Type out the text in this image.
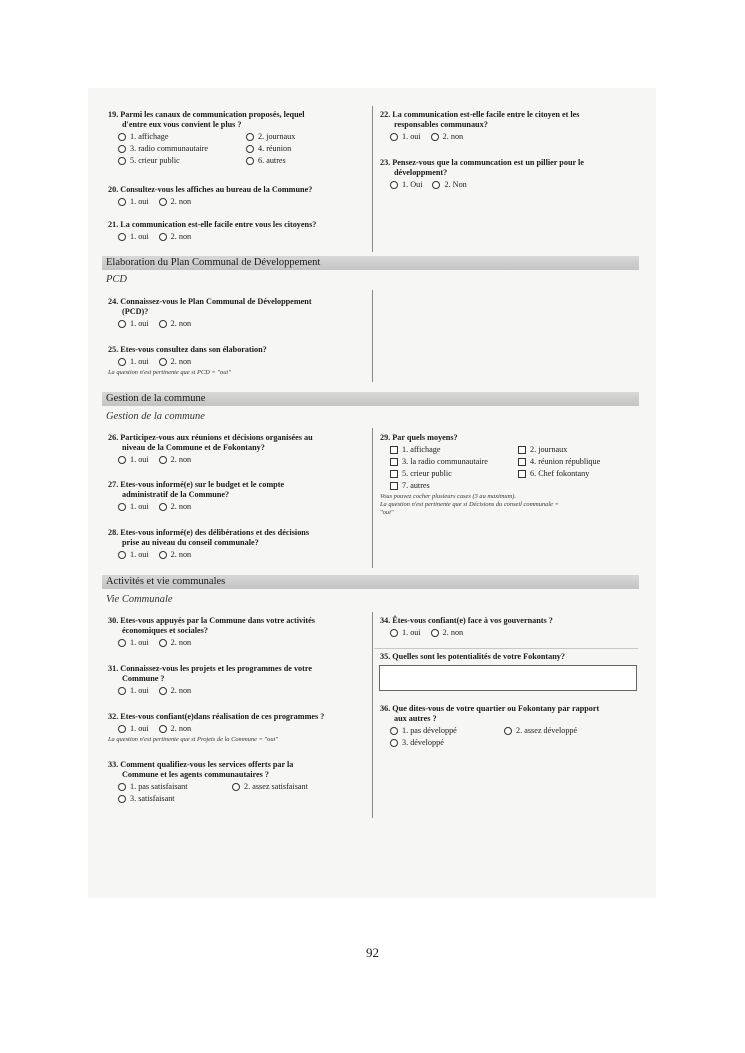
19. Parmi les canaux de communication proposés, lequel
d'entre eux vous convient le plus ?
1. affichage	2. journaux
3. radio communautaire	4. réunion
5. crieur public	6. autres
20. Consultez-vous les affiches au bureau de la Commune?
1. oui	2. non
21. La communication est-elle facile entre vous les citoyens?
1. oui	2. non
22. La communication est-elle facile entre le citoyen et les
responsables communaux?
1. oui	2. non
23. Pensez-vous que la communcation est un pillier pour le
développment?
1. Oui	2. Non
Elaboration du Plan Communal de Développement
PCD
24. Connaissez-vous le Plan Communal de Développement
(PCD)?
1. oui	2. non
25. Etes-vous consultez dans son élaboration?
1. oui	2. non
La question n'est pertinente que si PCD = "oui"
Gestion de la commune
Gestion de la commune
26. Participez-vous aux réunions et décisions organisées au
niveau de la Commune et de Fokontany?
1. oui	2. non
27. Etes-vous informé(e) sur le budget et le compte
administratif de la Commune?
1. oui	2. non
28. Etes-vous informé(e) des délibérations et des décisions
prise au niveau du conseil communale?
1. oui	2. non
29. Par quels moyens?
1. affichage	2. journaux
3. la radio communautaire	4. réunion république
5. crieur public	6. Chef fokontany
7. autres
Vous pouvez cocher plusieurs cases (3 au maximum).
La question n'est pertinente que si Décisions du conseil communale =
"oui"
Activités et vie communales
Vie Communale
30. Etes-vous appuyés par la Commune dans votre activités
économiques et sociales?
1. oui	2. non
31. Connaissez-vous les projets et les programmes de votre
Commune ?
1. oui	2. non
32. Etes-vous confiant(e)dans réalisation de ces programmes ?
1. oui	2. non
La question n'est pertinente que si Projets de la Commune = "oui"
33. Comment qualifiez-vous les services offerts par la
Commune et les agents communautaires ?
1. pas satisfaisant	2. assez satisfaisant
3. satisfaisant
34. Êtes-vous confiant(e) face à vos gouvernants ?
1. oui	2. non
35. Quelles sont les potentialités de votre Fokontany?
36. Que dites-vous de votre quartier ou Fokontany par rapport
aux autres ?
1. pas développé	2. assez développé
3. développé
92
